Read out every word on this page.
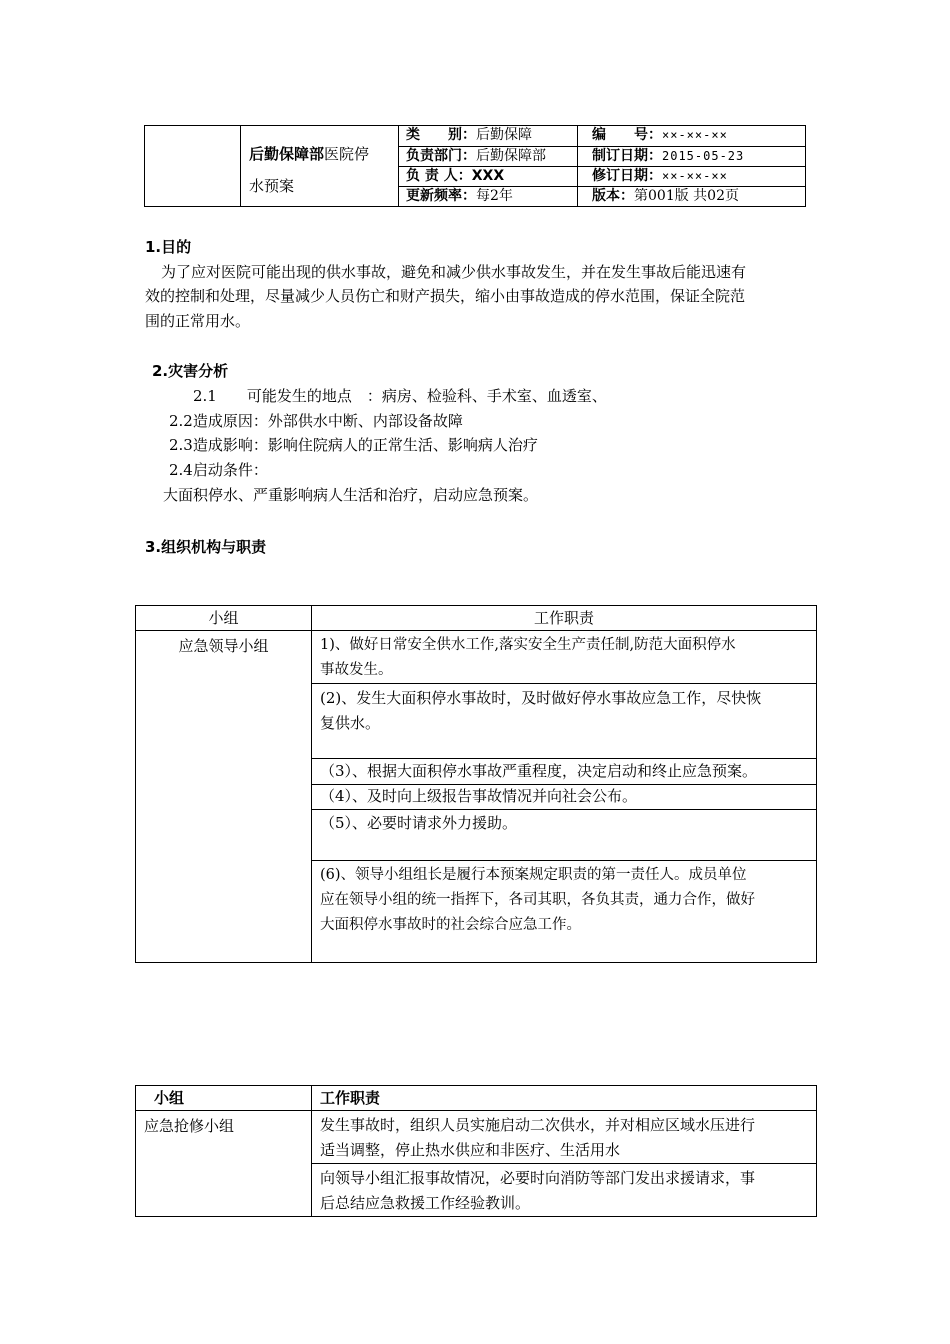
后勤保障部医院停
水预案
类　　别：后勤保障	编　　号：××-××-××
负责部门：后勤保障部	制订日期：2015-05-23
负 责 人：XXX	修订日期：××-××-××
更新频率：每2年	版本：第001版 共02页
1.目的
为了应对医院可能出现的供水事故，避免和减少供水事故发生，并在发生事故后能迅速有
效的控制和处理，尽量减少人员伤亡和财产损失，缩小由事故造成的停水范围，保证全院范
围的正常用水。
2.灾害分析
2.1　　可能发生的地点　：病房、检验科、手术室、血透室、
2.2造成原因：外部供水中断、内部设备故障
2.3造成影响：影响住院病人的正常生活、影响病人治疗
2.4启动条件：
大面积停水、严重影响病人生活和治疗，启动应急预案。
3.组织机构与职责
小组	工作职责
应急领导小组	1)、做好日常安全供水工作,落实安全生产责任制,防范大面积停水
事故发生。

	(2)、发生大面积停水事故时，及时做好停水事故应急工作，尽快恢
复供水。

	（3）、根据大面积停水事故严重程度，决定启动和终止应急预案。

	（4）、及时向上级报告事故情况并向社会公布。

	（5）、必要时请求外力援助。

	(6)、领导小组组长是履行本预案规定职责的第一责任人。成员单位
应在领导小组的统一指挥下，各司其职，各负其责，通力合作，做好
大面积停水事故时的社会综合应急工作。
小组	工作职责
应急抢修小组	发生事故时，组织人员实施启动二次供水，并对相应区域水压进行
适当调整，停止热水供应和非医疗、生活用水

	向领导小组汇报事故情况，必要时向消防等部门发出求援请求，事
后总结应急救援工作经验教训。
